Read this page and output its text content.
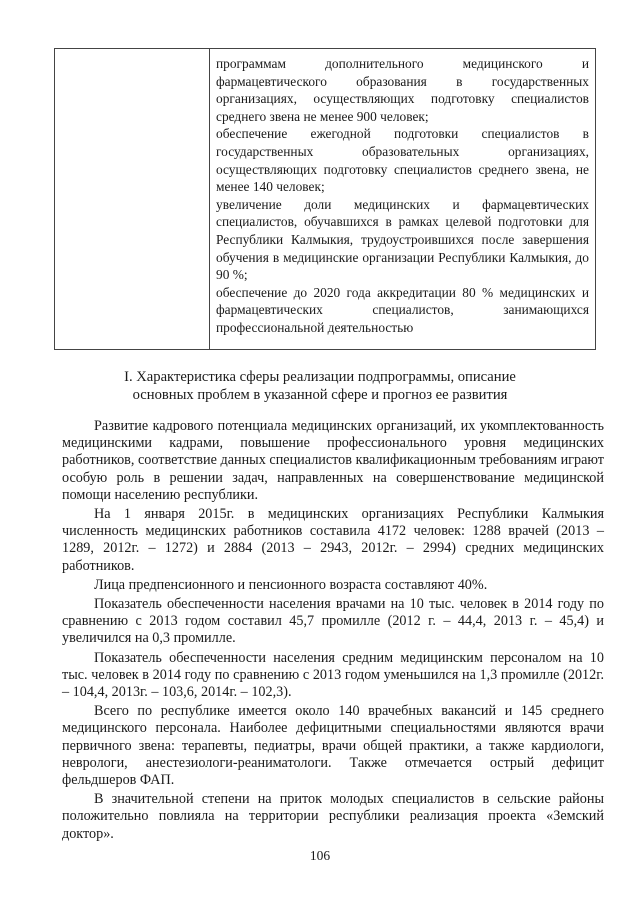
программам дополнительного медицинского и фармацевтического образования в государственных организациях, осуществляющих подготовку специалистов среднего звена не менее 900 человек;

обеспечение ежегодной подготовки специалистов в государственных образовательных организациях, осуществляющих подготовку специалистов среднего звена, не менее 140 человек;

увеличение доли медицинских и фармацевтических специалистов, обучавшихся в рамках целевой подготовки для Республики Калмыкия, трудоустроившихся после завершения обучения в медицинские организации Республики Калмыкия, до 90 %;

обеспечение до 2020 года аккредитации 80 % медицинских и фармацевтических специалистов, занимающихся профессиональной деятельностью

I. Характеристика сферы реализации подпрограммы, описание
основных проблем в указанной сфере и прогноз ее развития

Развитие кадрового потенциала медицинских организаций, их укомплектованность медицинскими кадрами, повышение профессионального уровня медицинских работников, соответствие данных специалистов квалификационным требованиям играют особую роль в решении задач, направленных на совершенствование медицинской помощи населению республики.

На 1 января 2015г. в медицинских организациях Республики Калмыкия численность медицинских работников составила 4172 человек: 1288 врачей (2013 – 1289, 2012г. – 1272) и 2884 (2013 – 2943, 2012г. – 2994) средних медицинских работников.

Лица предпенсионного и пенсионного возраста составляют 40%.

Показатель обеспеченности населения врачами на 10 тыс. человек в 2014 году по сравнению с 2013 годом составил 45,7 промилле (2012 г. – 44,4, 2013 г. – 45,4) и увеличился на 0,3 промилле.

Показатель обеспеченности населения средним медицинским персоналом на 10 тыс. человек в 2014 году по сравнению с 2013 годом уменьшился на 1,3 промилле (2012г. – 104,4, 2013г. – 103,6, 2014г. – 102,3).

Всего по республике имеется около 140 врачебных вакансий и 145 среднего медицинского персонала. Наиболее дефицитными специальностями являются врачи первичного звена: терапевты, педиатры, врачи общей практики, а также кардиологи, неврологи, анестезиологи-реаниматологи. Также отмечается острый дефицит фельдшеров ФАП.

В значительной степени на приток молодых специалистов в сельские районы положительно повлияла на территории республики реализация проекта «Земский доктор».

106
